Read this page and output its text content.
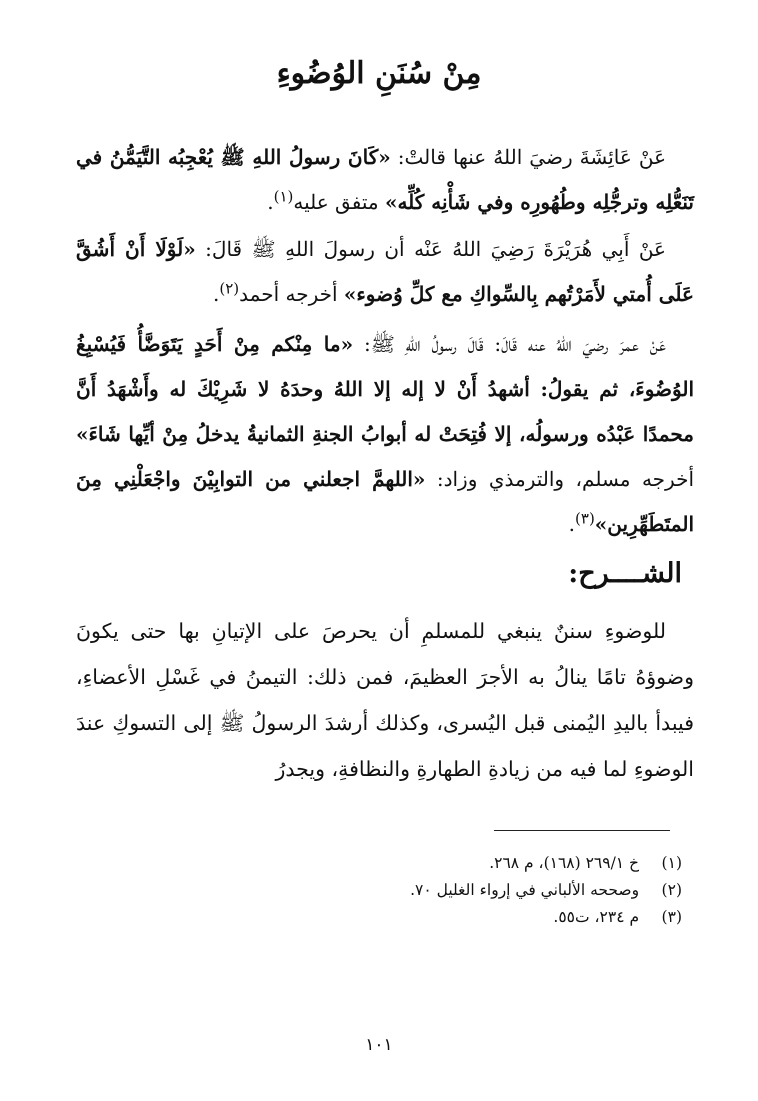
مِنْ سُنَنِ الوُضُوءِ

عَنْ عَائِشَةَ رضيَ اللهُ عنها قالتْ: «كَانَ رسولُ اللهِ ﷺ يُعْجِبُه التَّيَمُّنُ في تَنَعُّلِه وترجُّلِه وطُهُورِه وفي شَأْنِه كُلِّه» متفق عليه$^{(١)}$.

عَنْ أَبِي هُرَيْرَةَ رَضِيَ اللهُ عَنْه أن رسولَ اللهِ ﷺ قَالَ: «لَوْلَا أَنْ أَشُقَّ عَلَى أُمتي لأَمَرْتُهم بِالسِّواكِ مع كلِّ وُضوء» أخرجه أحمد$^{(٢)}$.

عَنْ عمرَ رضيَ اللهُ عنه قَالَ: قَالَ رسولُ اللهِ ﷺ: «ما مِنْكم مِنْ أَحَدٍ يَتَوَضَّأُ فَيُسْبِغُ الوُضُوءَ، ثم يقولُ: أشهدُ أَنْ لا إله إلا اللهُ وحدَهُ لا شَرِيْكَ له وأَشْهَدُ أَنَّ محمدًا عَبْدُه ورسولُه، إلا فُتِحَتْ له أبوابُ الجنةِ الثمانيةُ يدخلُ مِنْ أيِّها شَاءَ» أخرجه مسلم، والترمذي وزاد: «اللهمَّ اجعلني من التوابِيْنَ واجْعَلْنِي مِنَ المتَطَهِّرِين»$^{(٣)}$.

الشــــرح:

للوضوءِ سننٌ ينبغي للمسلمِ أن يحرصَ على الإتيانِ بها حتى يكونَ وضوؤهُ تامًا ينالُ به الأجرَ العظيمَ، فمن ذلك: التيمنُ في غَسْلِ الأعضاءِ، فيبدأ باليدِ اليُمنى قبل اليُسرى، وكذلك أرشدَ الرسولُ ﷺ إلى التسوكِ عندَ الوضوءِ لما فيه من زيادةِ الطهارةِ والنظافةِ، ويجدرُ

(١) خ ٢٦٩/١ (١٦٨)، م ٢٦٨.
(٢) وصححه الألباني في إرواء الغليل ٧٠.
(٣) م ٢٣٤، ت٥٥.
١٠١
